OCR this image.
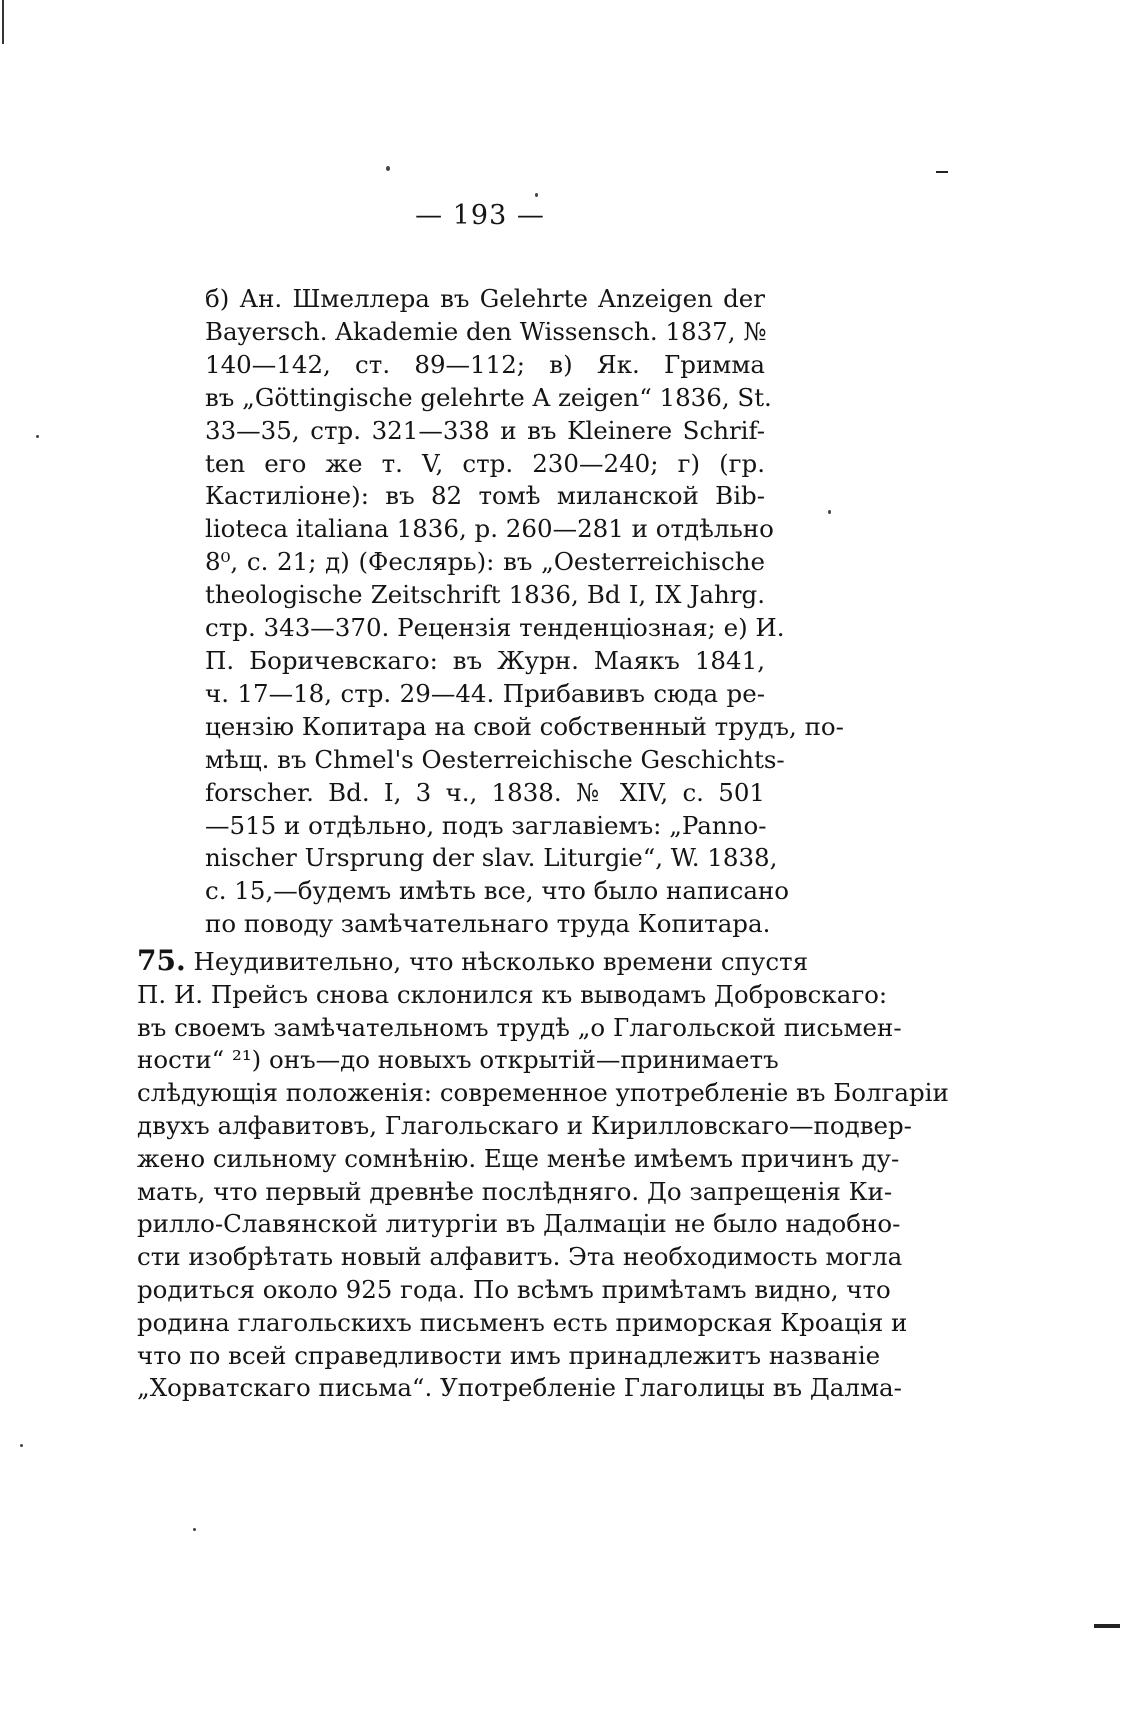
— 193 —
б) Ан. Шмеллера въ Gelehrte Anzeigen der
Bayersch. Akademie den Wissensch. 1837, №
140—142, ст. 89—112; в) Як. Гримма
въ „Göttingische gelehrte A zeigen“ 1836, St.
33—35, стр. 321—338 и въ Kleinere Schrif-
ten его же т. V, стр. 230—240; г) (гр.
Кастиліоне): въ 82 томѣ миланской Bib-
lioteca italiana 1836, p. 260—281 и отдѣльно
8⁰, с. 21; д) (Феслярь): въ „Oesterreichische
theologische Zeitschrift 1836, Bd I, IX Jahrg.
стр. 343—370. Рецензія тенденціозная; е) И.
П. Боричевскаго: въ Журн. Маякъ 1841,
ч. 17—18, стр. 29—44. Прибавивъ сюда ре-
цензію Копитара на свой собственный трудъ, по-
мѣщ. въ Chmel's Oesterreichische Geschichts-
forscher. Bd. I, 3 ч., 1838. № XIV, с. 501
—515 и отдѣльно, подъ заглавіемъ: „Panno-
nischer Ursprung der slav. Liturgie“, W. 1838,
с. 15,—будемъ имѣть все, что было написано
по поводу замѣчательнаго труда Копитара.
75. Неудивительно, что нѣсколько времени спустя
П. И. Прейсъ снова склонился къ выводамъ Добровскаго:
въ своемъ замѣчательномъ трудѣ „о Глагольской письмен-
ности“ ²¹) онъ—до новыхъ открытій—принимаетъ
слѣдующія положенія: современное употребленіе въ Болгаріи
двухъ алфавитовъ, Глагольскаго и Кирилловскаго—подвер-
жено сильному сомнѣнію. Еще менѣе имѣемъ причинъ ду-
мать, что первый древнѣе послѣдняго. До запрещенія Ки-
рилло-Славянской литургіи въ Далмаціи не было надобно-
сти изобрѣтать новый алфавитъ. Эта необходимость могла
родиться около 925 года. По всѣмъ примѣтамъ видно, что
родина глагольскихъ письменъ есть приморская Кроація и
что по всей справедливости имъ принадлежитъ названіе
„Хорватскаго письма“. Употребленіе Глаголицы въ Далма-
